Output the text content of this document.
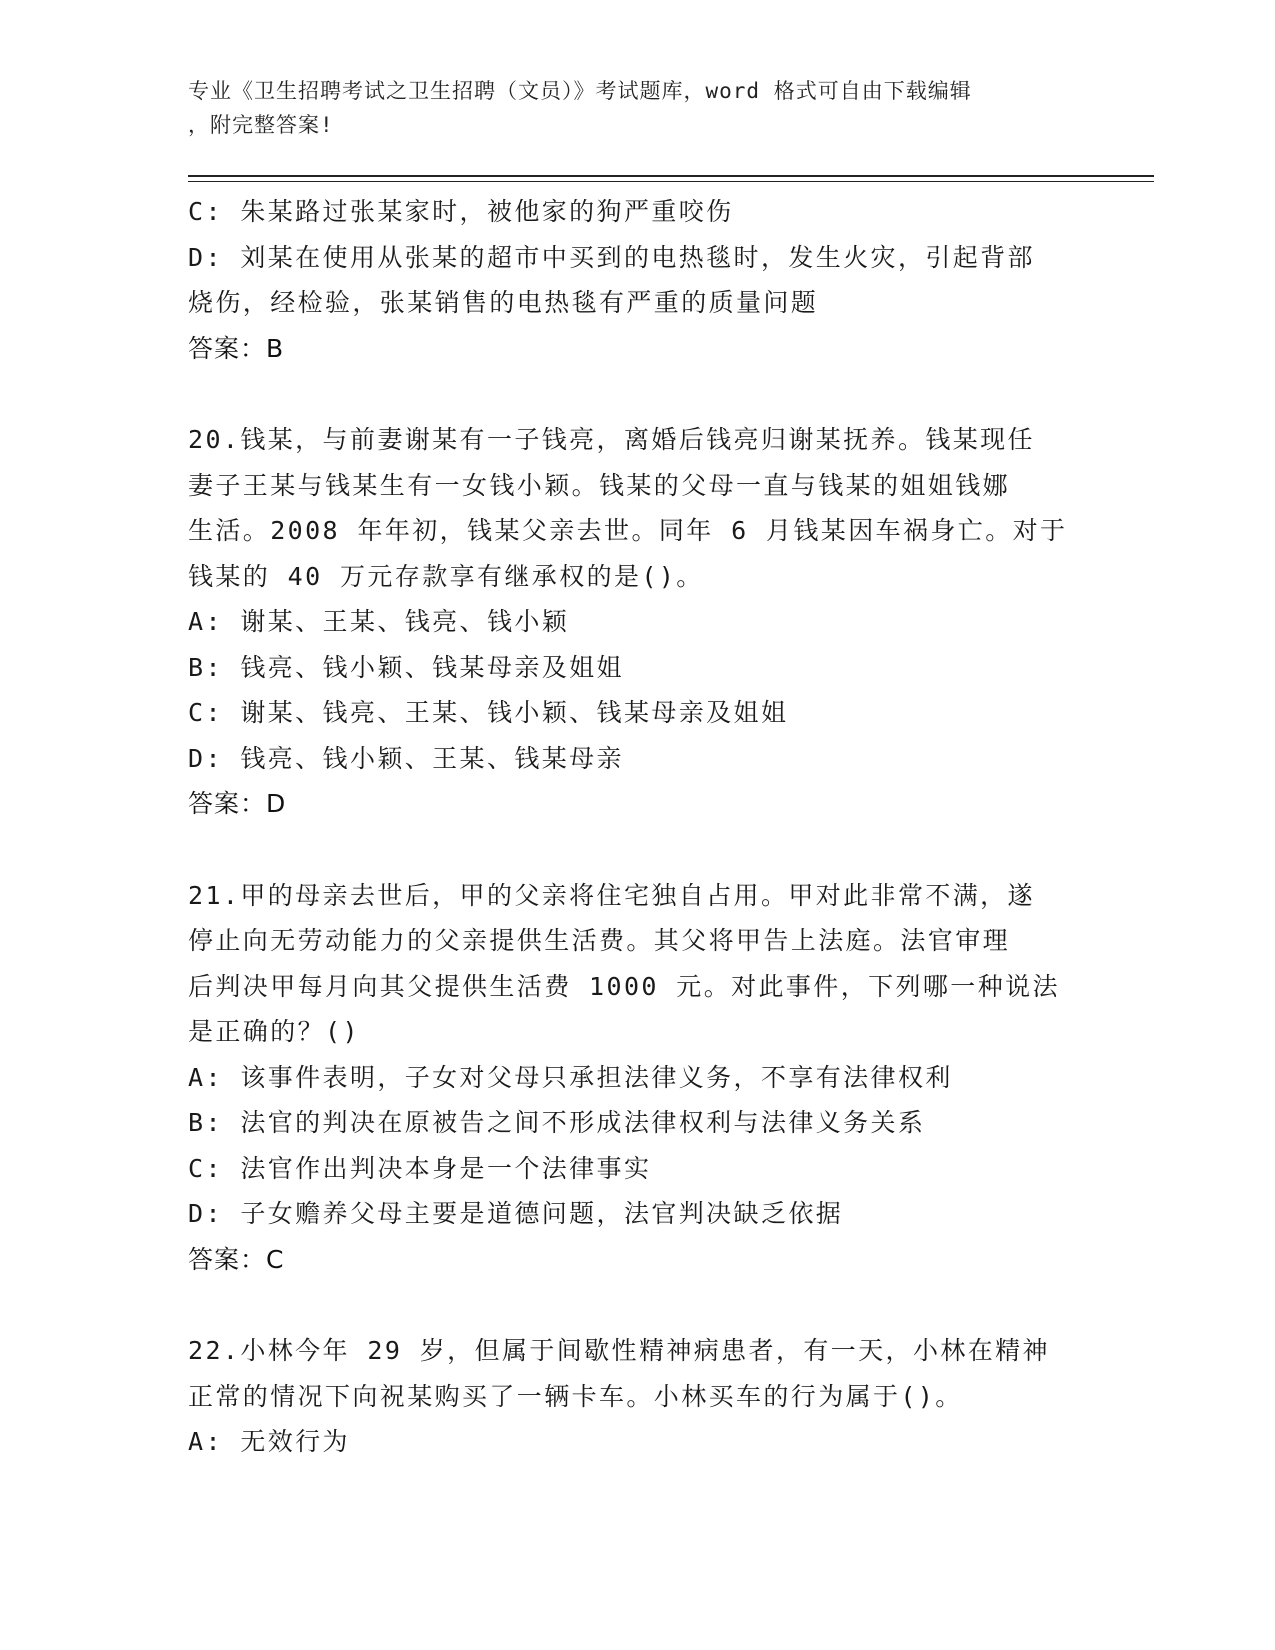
专业《卫生招聘考试之卫生招聘（文员）》考试题库，word 格式可自由下载编辑
，附完整答案!

C: 朱某路过张某家时，被他家的狗严重咬伤

D: 刘某在使用从张某的超市中买到的电热毯时，发生火灾，引起背部

烧伤，经检验，张某销售的电热毯有严重的质量问题

答案：B

20.钱某，与前妻谢某有一子钱亮，离婚后钱亮归谢某抚养。钱某现任

妻子王某与钱某生有一女钱小颖。钱某的父母一直与钱某的姐姐钱娜

生活。2008 年年初，钱某父亲去世。同年 6 月钱某因车祸身亡。对于

钱某的 40 万元存款享有继承权的是()。

A: 谢某、王某、钱亮、钱小颖

B: 钱亮、钱小颖、钱某母亲及姐姐

C: 谢某、钱亮、王某、钱小颖、钱某母亲及姐姐

D: 钱亮、钱小颖、王某、钱某母亲

答案：D

21.甲的母亲去世后，甲的父亲将住宅独自占用。甲对此非常不满，遂

停止向无劳动能力的父亲提供生活费。其父将甲告上法庭。法官审理

后判决甲每月向其父提供生活费 1000 元。对此事件，下列哪一种说法

是正确的？()

A: 该事件表明，子女对父母只承担法律义务，不享有法律权利

B: 法官的判决在原被告之间不形成法律权利与法律义务关系

C: 法官作出判决本身是一个法律事实

D: 子女赡养父母主要是道德问题，法官判决缺乏依据

答案：C

22.小林今年 29 岁，但属于间歇性精神病患者，有一天，小林在精神

正常的情况下向祝某购买了一辆卡车。小林买车的行为属于()。

A: 无效行为
